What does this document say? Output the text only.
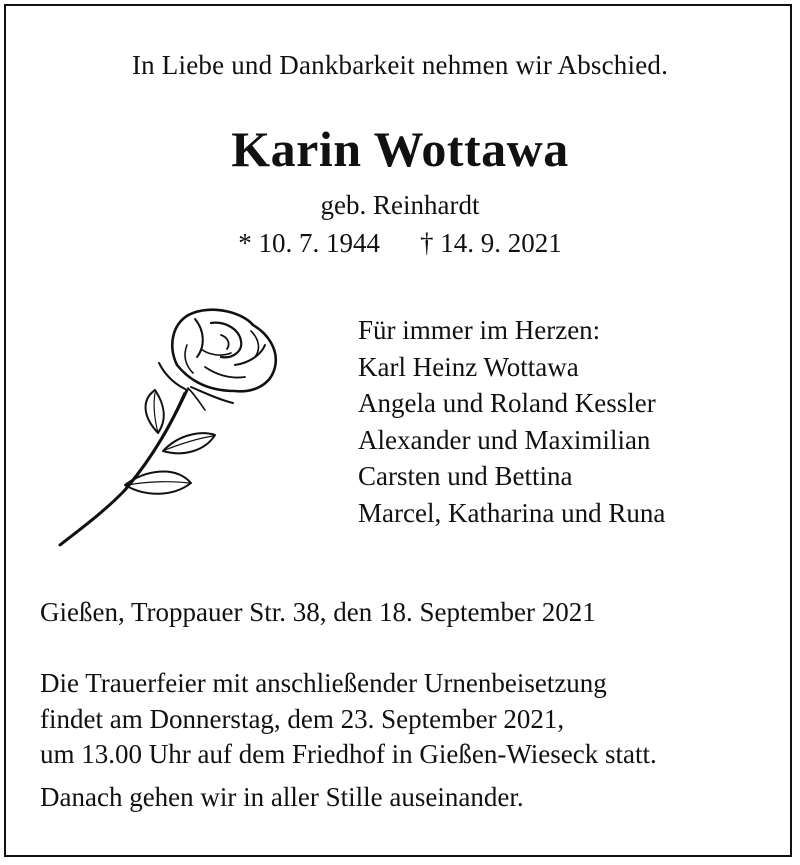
In Liebe und Dankbarkeit nehmen wir Abschied.
Karin Wottawa
geb. Reinhardt
* 10. 7. 1944 † 14. 9. 2021
Für immer im Herzen:
Karl Heinz Wottawa
Angela und Roland Kessler
Alexander und Maximilian
Carsten und Bettina
Marcel, Katharina und Runa
Gießen, Troppauer Str. 38, den 18. September 2021
Die Trauerfeier mit anschließender Urnenbeisetzung
findet am Donnerstag, dem 23. September 2021,
um 13.00 Uhr auf dem Friedhof in Gießen-Wieseck statt.
Danach gehen wir in aller Stille auseinander.
